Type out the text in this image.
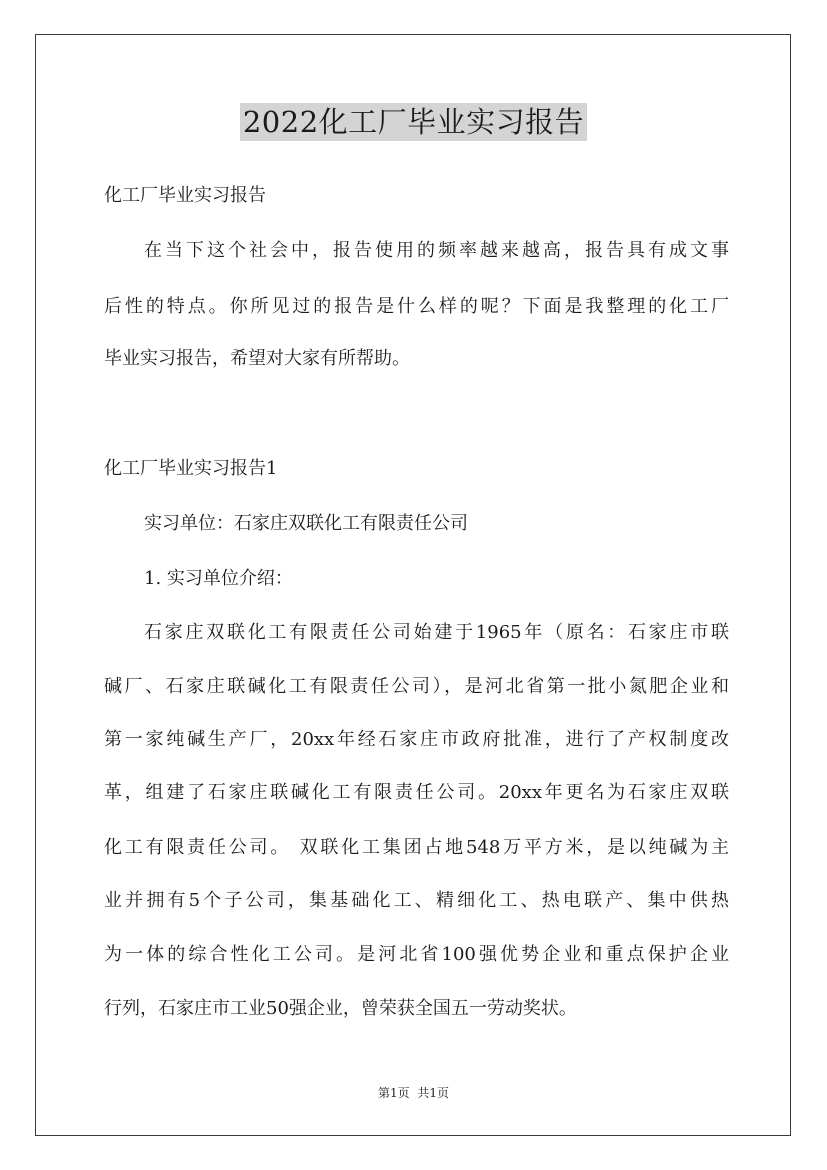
2022化工厂毕业实习报告
化工厂毕业实习报告
在当下这个社会中，报告使用的频率越来越高，报告具有成文事
后性的特点。你所见过的报告是什么样的呢？下面是我整理的化工厂
毕业实习报告，希望对大家有所帮助。
化工厂毕业实习报告1
实习单位：石家庄双联化工有限责任公司
1. 实习单位介绍：
石家庄双联化工有限责任公司始建于1965年（原名：石家庄市联
碱厂、石家庄联碱化工有限责任公司），是河北省第一批小氮肥企业和
第一家纯碱生产厂，20xx年经石家庄市政府批准，进行了产权制度改
革，组建了石家庄联碱化工有限责任公司。20xx年更名为石家庄双联
化工有限责任公司。 双联化工集团占地548万平方米，是以纯碱为主
业并拥有5个子公司，集基础化工、精细化工、热电联产、集中供热
为一体的综合性化工公司。是河北省100强优势企业和重点保护企业
行列，石家庄市工业50强企业，曾荣获全国五一劳动奖状。
第1页 共1页
